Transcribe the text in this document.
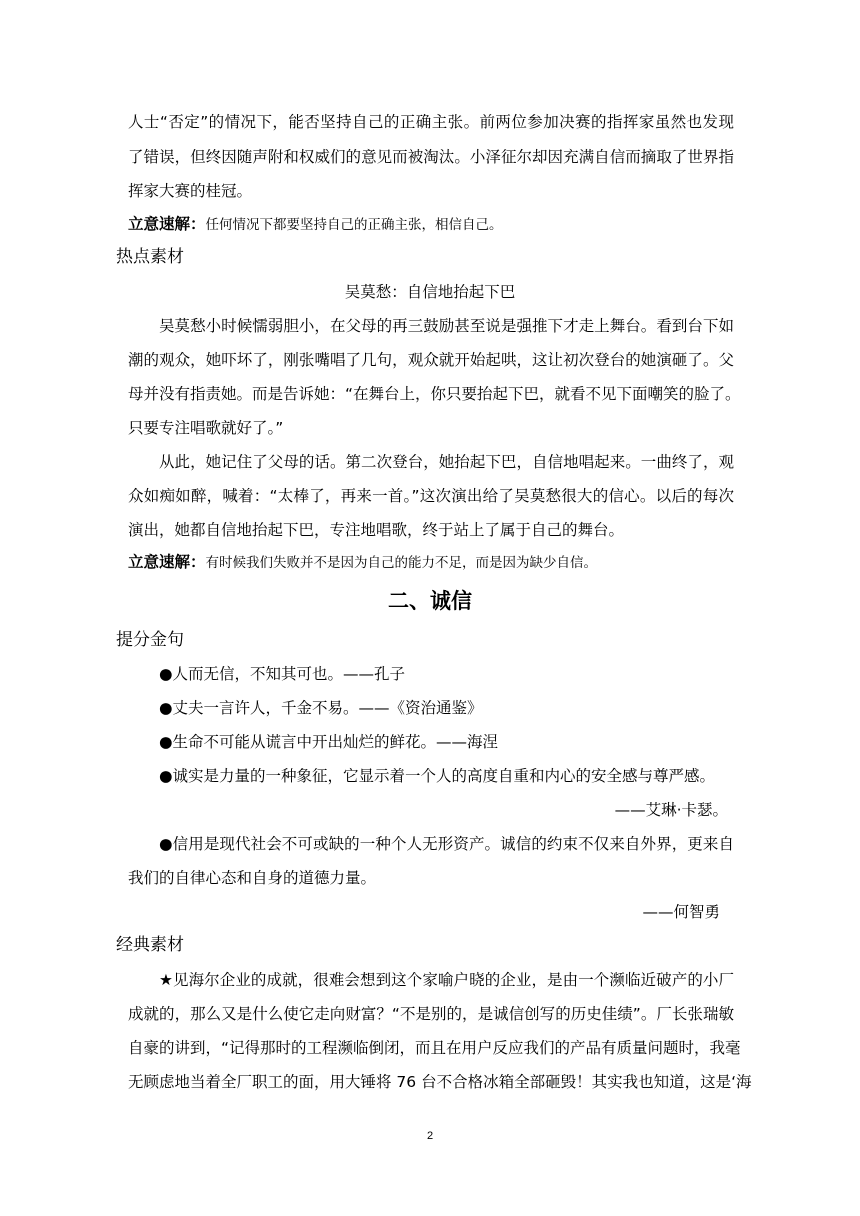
人士“否定”的情况下，能否坚持自己的正确主张。前两位参加决赛的指挥家虽然也发现
了错误，但终因随声附和权威们的意见而被淘汰。小泽征尔却因充满自信而摘取了世界指
挥家大赛的桂冠。
立意速解：任何情况下都要坚持自己的正确主张，相信自己。
热点素材
吴莫愁：自信地抬起下巴
吴莫愁小时候懦弱胆小，在父母的再三鼓励甚至说是强推下才走上舞台。看到台下如
潮的观众，她吓坏了，刚张嘴唱了几句，观众就开始起哄，这让初次登台的她演砸了。父
母并没有指责她。而是告诉她：“在舞台上，你只要抬起下巴，就看不见下面嘲笑的脸了。
只要专注唱歌就好了。”
从此，她记住了父母的话。第二次登台，她抬起下巴，自信地唱起来。一曲终了，观
众如痴如醉，喊着：“太棒了，再来一首。”这次演出给了吴莫愁很大的信心。以后的每次
演出，她都自信地抬起下巴，专注地唱歌，终于站上了属于自己的舞台。
立意速解：有时候我们失败并不是因为自己的能力不足，而是因为缺少自信。
二、诚信
提分金句
●人而无信，不知其可也。——孔子
●丈夫一言许人，千金不易。——《资治通鉴》
●生命不可能从谎言中开出灿烂的鲜花。——海涅
●诚实是力量的一种象征，它显示着一个人的高度自重和内心的安全感与尊严感。
——艾琳·卡瑟。
●信用是现代社会不可或缺的一种个人无形资产。诚信的约束不仅来自外界，更来自
我们的自律心态和自身的道德力量。
——何智勇
经典素材
★见海尔企业的成就，很难会想到这个家喻户晓的企业，是由一个濒临近破产的小厂
成就的，那么又是什么使它走向财富？“不是别的，是诚信创写的历史佳绩”。厂长张瑞敏
自豪的讲到，“记得那时的工程濒临倒闭，而且在用户反应我们的产品有质量问题时，我毫
无顾虑地当着全厂职工的面，用大锤将 76 台不合格冰箱全部砸毁！其实我也知道，这是‘海
2
